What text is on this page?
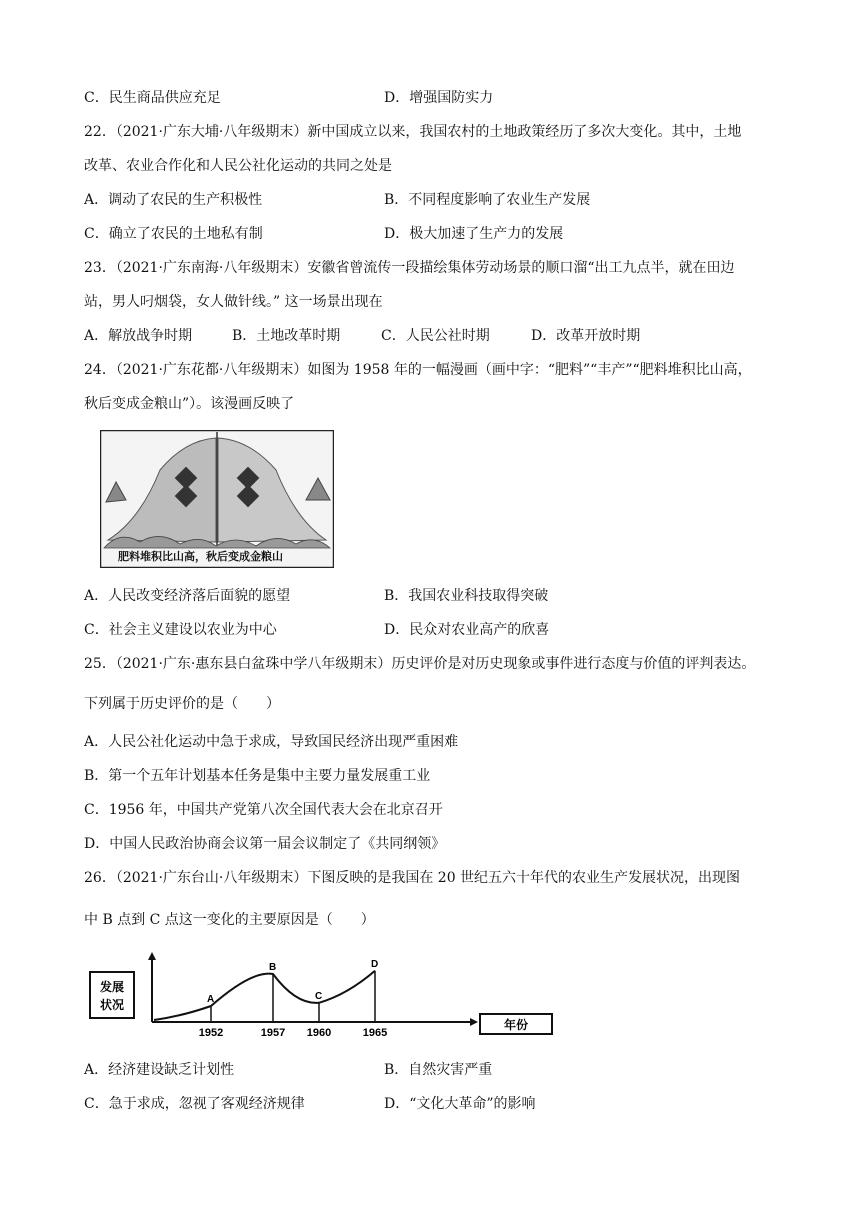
C．民生商品供应充足	D．增强国防实力
22．（2021·广东大埔·八年级期末）新中国成立以来，我国农村的土地政策经历了多次大变化。其中，土地
改革、农业合作化和人民公社化运动的共同之处是
A．调动了农民的生产积极性	B．不同程度影响了农业生产发展
C．确立了农民的土地私有制	D．极大加速了生产力的发展
23．（2021·广东南海·八年级期末）安徽省曾流传一段描绘集体劳动场景的顺口溜“出工九点半，就在田边
站，男人叼烟袋，女人做针线。” 这一场景出现在
A．解放战争时期	B．土地改革时期	C．人民公社时期	D．改革开放时期
24．（2021·广东花都·八年级期末）如图为 1958 年的一幅漫画（画中字：“肥料”“丰产”“肥料堆积比山高，
秋后变成金粮山”）。该漫画反映了
肥料堆积比山高，秋后变成金粮山
A．人民改变经济落后面貌的愿望	B．我国农业科技取得突破
C．社会主义建设以农业为中心	D．民众对农业高产的欣喜
25．（2021·广东·惠东县白盆珠中学八年级期末）历史评价是对历史现象或事件进行态度与价值的评判表达。
下列属于历史评价的是（　　）
A．人民公社化运动中急于求成，导致国民经济出现严重困难
B．第一个五年计划基本任务是集中主要力量发展重工业
C．1956 年，中国共产党第八次全国代表大会在北京召开
D．中国人民政治协商会议第一届会议制定了《共同纲领》
26．（2021·广东台山·八年级期末）下图反映的是我国在 20 世纪五六十年代的农业生产发展状况，出现图
中 B 点到 C 点这一变化的主要原因是（　　）
发展
状况
年份
A
1952
B
1957
C
1960
D
1965
A．经济建设缺乏计划性	B．自然灾害严重
C．急于求成，忽视了客观经济规律	D．“文化大革命”的影响
